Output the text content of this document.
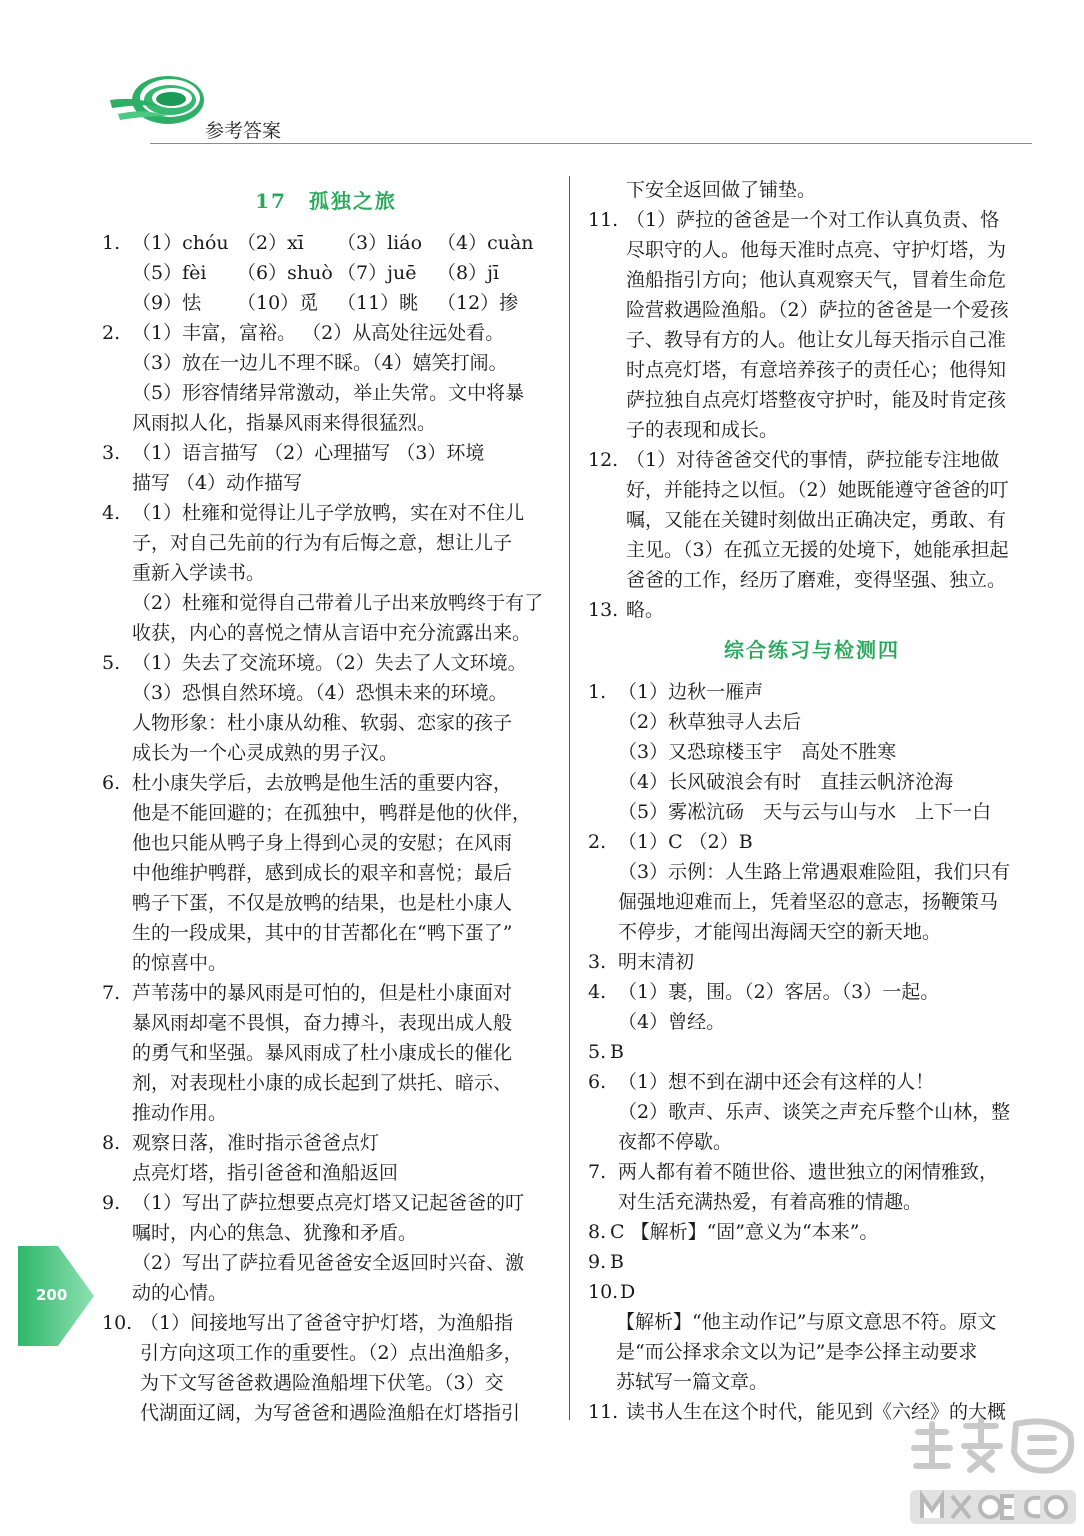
参考答案
17　 孤独之旅
1. （1）chóu （2）xī	（3）liáo （4）cuàn
（5）fèi	（6）shuò （7）juē	（8）jī
（9）怯	（10）觅 （11）眺 （12）掺
2. （1）丰富，富裕。 （2）从高处往远处看。
（3）放在一边儿不理不睬。（4）嬉笑打闹。
（5）形容情绪异常激动，举止失常。文中将暴
风雨拟人化，指暴风雨来得很猛烈。
3. （1）语言描写 （2）心理描写 （3）环境
描写 （4）动作描写
4. （1）杜雍和觉得让儿子学放鸭，实在对不住儿
子，对自己先前的行为有后悔之意，想让儿子
重新入学读书。
（2）杜雍和觉得自己带着儿子出来放鸭终于有了
收获，内心的喜悦之情从言语中充分流露出来。
5. （1）失去了交流环境。（2）失去了人文环境。
（3）恐惧自然环境。（4）恐惧未来的环境。
人物形象：杜小康从幼稚、软弱、恋家的孩子
成长为一个心灵成熟的男子汉。
6. 杜小康失学后，去放鸭是他生活的重要内容，
他是不能回避的；在孤独中，鸭群是他的伙伴，
他也只能从鸭子身上得到心灵的安慰；在风雨
中他维护鸭群，感到成长的艰辛和喜悦；最后
鸭子下蛋，不仅是放鸭的结果，也是杜小康人
生的一段成果，其中的甘苦都化在“鸭下蛋了”
的惊喜中。
7. 芦苇荡中的暴风雨是可怕的，但是杜小康面对
暴风雨却毫不畏惧，奋力搏斗，表现出成人般
的勇气和坚强。暴风雨成了杜小康成长的催化
剂，对表现杜小康的成长起到了烘托、暗示、
推动作用。
8. 观察日落，准时指示爸爸点灯
点亮灯塔，指引爸爸和渔船返回
9. （1）写出了萨拉想要点亮灯塔又记起爸爸的叮
嘱时，内心的焦急、犹豫和矛盾。
（2）写出了萨拉看见爸爸安全返回时兴奋、激
动的心情。
10. （1）间接地写出了爸爸守护灯塔，为渔船指
引方向这项工作的重要性。（2）点出渔船多，
为下文写爸爸救遇险渔船埋下伏笔。（3）交
代湖面辽阔，为写爸爸和遇险渔船在灯塔指引
下安全返回做了铺垫。
11. （1）萨拉的爸爸是一个对工作认真负责、恪
尽职守的人。他每天准时点亮、守护灯塔，为
渔船指引方向；他认真观察天气，冒着生命危
险营救遇险渔船。（2）萨拉的爸爸是一个爱孩
子、教导有方的人。他让女儿每天指示自己准
时点亮灯塔，有意培养孩子的责任心；他得知
萨拉独自点亮灯塔整夜守护时，能及时肯定孩
子的表现和成长。
12. （1）对待爸爸交代的事情，萨拉能专注地做
好，并能持之以恒。（2）她既能遵守爸爸的叮
嘱，又能在关键时刻做出正确决定，勇敢、有
主见。（3）在孤立无援的处境下，她能承担起
爸爸的工作，经历了磨难，变得坚强、独立。
13. 略。
综合练习与检测四
1. （1）边秋一雁声
（2）秋草独寻人去后
（3）又恐琼楼玉宇　高处不胜寒
（4）长风破浪会有时　直挂云帆济沧海
（5）雾凇沆砀　天与云与山与水　上下一白
2. （1）C （2）B
（3）示例：人生路上常遇艰难险阻，我们只有
倔强地迎难而上，凭着坚忍的意志，扬鞭策马
不停步，才能闯出海阔天空的新天地。
3. 明末清初
4. （1）裹，围。（2）客居。（3）一起。
（4）曾经。
5. B
6. （1）想不到在湖中还会有这样的人！
（2）歌声、乐声、谈笑之声充斥整个山林，整
夜都不停歇。
7. 两人都有着不随世俗、遗世独立的闲情雅致，
对生活充满热爱，有着高雅的情趣。
8. C 【解析】“固”意义为“本来”。
9. B
10. D
【解析】“他主动作记”与原文意思不符。原文
是“而公择求余文以为记”是李公择主动要求
苏轼写一篇文章。
11. 读书人生在这个时代，能见到《六经》的大概
200
